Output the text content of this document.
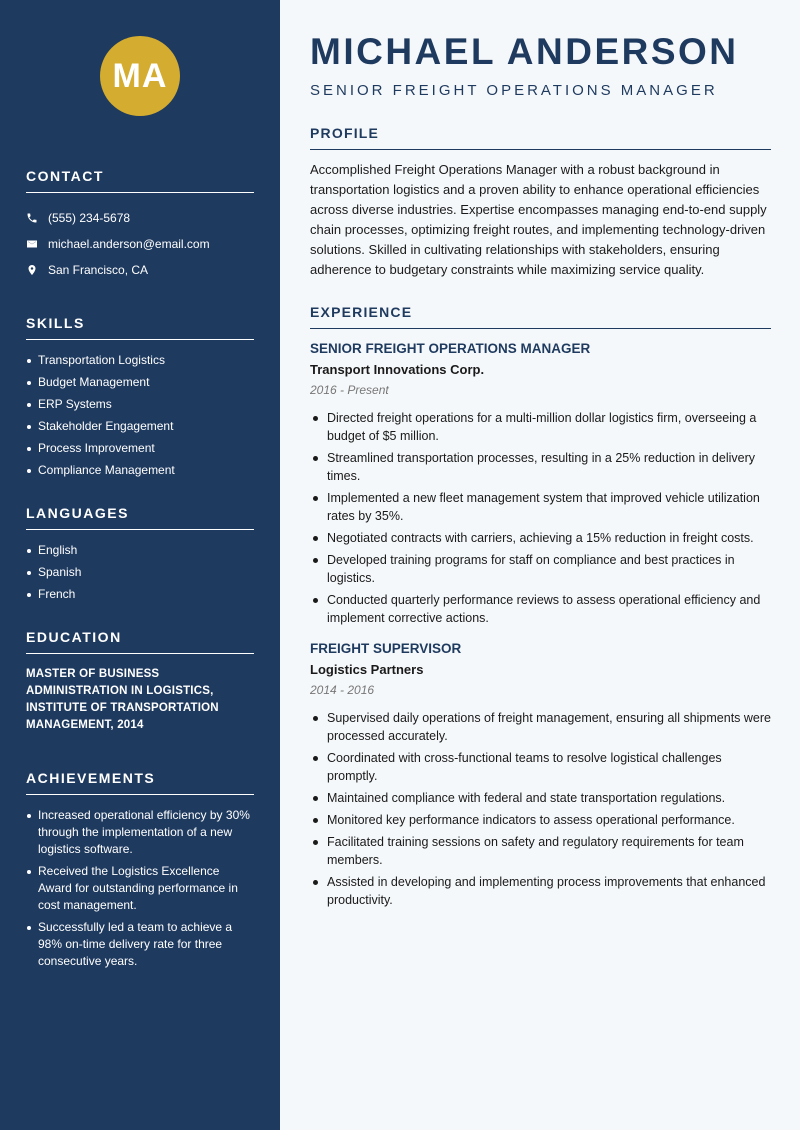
MA
CONTACT
(555) 234-5678
michael.anderson@email.com
San Francisco, CA
SKILLS
Transportation Logistics
Budget Management
ERP Systems
Stakeholder Engagement
Process Improvement
Compliance Management
LANGUAGES
English
Spanish
French
EDUCATION
MASTER OF BUSINESS ADMINISTRATION IN LOGISTICS, INSTITUTE OF TRANSPORTATION MANAGEMENT, 2014
ACHIEVEMENTS
Increased operational efficiency by 30% through the implementation of a new logistics software.
Received the Logistics Excellence Award for outstanding performance in cost management.
Successfully led a team to achieve a 98% on-time delivery rate for three consecutive years.
MICHAEL ANDERSON
SENIOR FREIGHT OPERATIONS MANAGER
PROFILE

Accomplished Freight Operations Manager with a robust background in transportation logistics and a proven ability to enhance operational efficiencies across diverse industries. Expertise encompasses managing end-to-end supply chain processes, optimizing freight routes, and implementing technology-driven solutions. Skilled in cultivating relationships with stakeholders, ensuring adherence to budgetary constraints while maximizing service quality.

EXPERIENCE
SENIOR FREIGHT OPERATIONS MANAGER
Transport Innovations Corp.
2016 - Present
Directed freight operations for a multi-million dollar logistics firm, overseeing a budget of $5 million.
Streamlined transportation processes, resulting in a 25% reduction in delivery times.
Implemented a new fleet management system that improved vehicle utilization rates by 35%.
Negotiated contracts with carriers, achieving a 15% reduction in freight costs.
Developed training programs for staff on compliance and best practices in logistics.
Conducted quarterly performance reviews to assess operational efficiency and implement corrective actions.
FREIGHT SUPERVISOR
Logistics Partners
2014 - 2016
Supervised daily operations of freight management, ensuring all shipments were processed accurately.
Coordinated with cross-functional teams to resolve logistical challenges promptly.
Maintained compliance with federal and state transportation regulations.
Monitored key performance indicators to assess operational performance.
Facilitated training sessions on safety and regulatory requirements for team members.
Assisted in developing and implementing process improvements that enhanced productivity.
